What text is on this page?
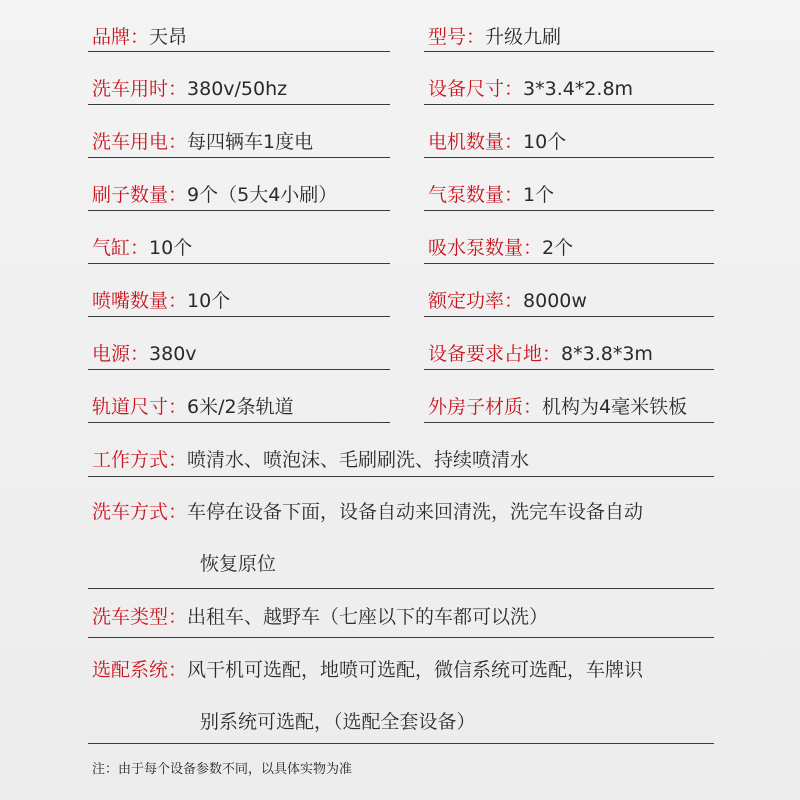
品牌：天昂	型号：升级九刷
洗车用时：380v/50hz	设备尺寸：3*3.4*2.8m
洗车用电：每四辆车1度电	电机数量：10个
刷子数量：9个（5大4小刷）	气泵数量：1个
气缸：10个	吸水泵数量：2个
喷嘴数量：10个	额定功率：8000w
电源：380v	设备要求占地：8*3.8*3m
轨道尺寸：6米/2条轨道	外房子材质：机构为4毫米铁板
工作方式：喷清水、喷泡沫、毛刷刷洗、持续喷清水
洗车方式：车停在设备下面，设备自动来回清洗，洗完车设备自动
恢复原位
洗车类型：出租车、越野车（七座以下的车都可以洗）
选配系统：风干机可选配，地喷可选配，微信系统可选配，车牌识
别系统可选配，（选配全套设备）
注：由于每个设备参数不同，以具体实物为准
